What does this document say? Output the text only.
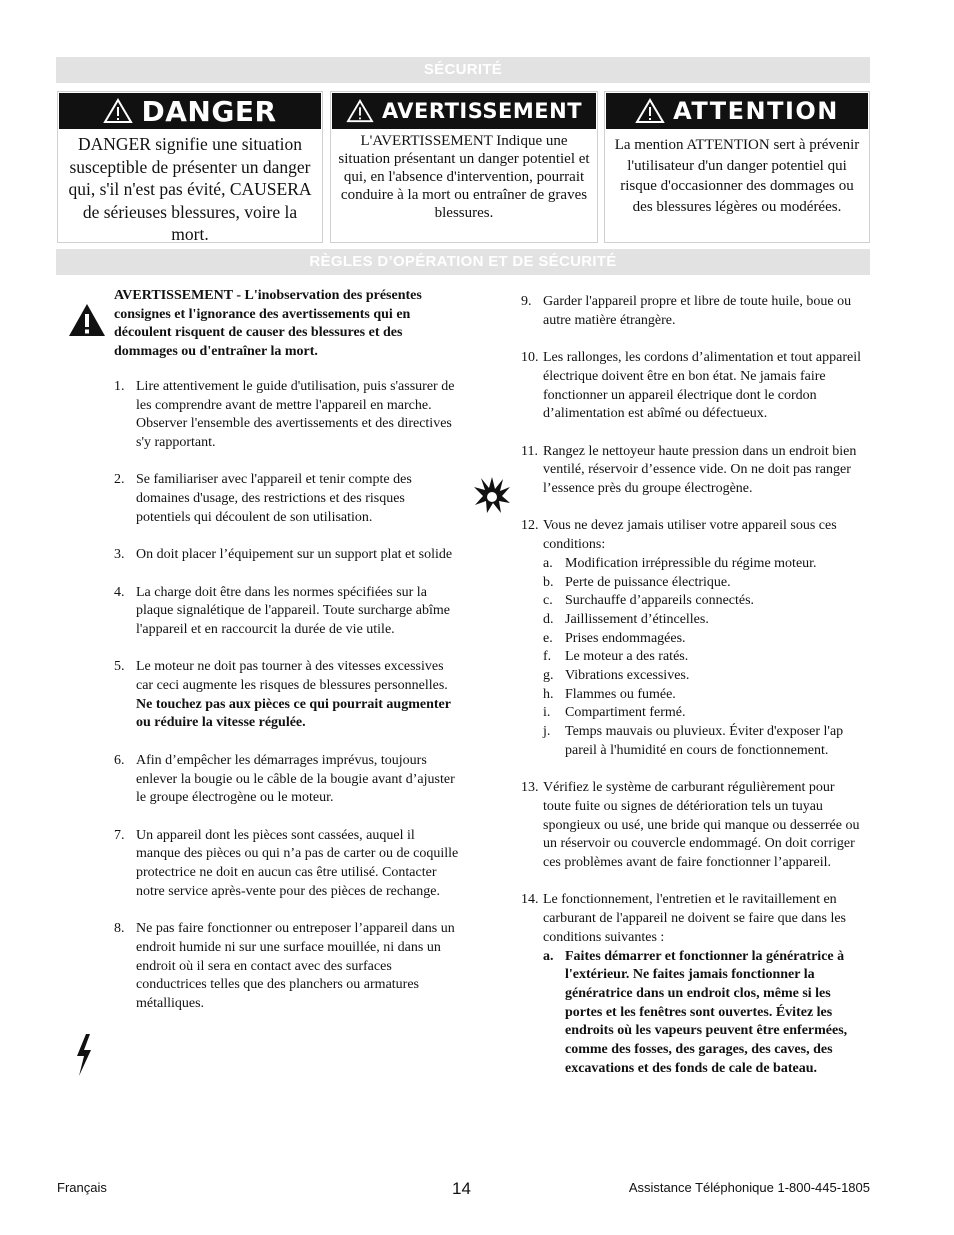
SÉCURITÉ
DANGER
DANGER signifie une situation susceptible de présenter un danger qui, s'il n'est pas évité, CAUSERA de sérieuses blessures, voire la mort.
AVERTISSEMENT
L'AVERTISSEMENT Indique une situation présentant un danger potentiel et qui, en l'absence d'intervention, pourrait conduire à la mort ou entraîner de graves blessures.
ATTENTION
La mention ATTENTION sert à prévenir l'utilisateur d'un danger potentiel qui risque d'occasionner des dommages ou des blessures légères ou modérées.
RÈGLES D’OPÉRATION ET DE SÉCURITÉ
AVERTISSEMENT - L'inobservation des présentes consignes et l'ignorance des avertissements qui en découlent risquent de causer des blessures et des dommages ou d'entraîner la mort.
1. Lire attentivement le guide d'utilisation, puis s'assurer de les comprendre avant de mettre l'appareil en marche. Observer l'ensemble des avertissements et des directives s'y rapportant.
2. Se familiariser avec l'appareil et tenir compte des domaines d'usage, des restrictions et des risques potentiels qui découlent de son utilisation.
3. On doit placer l’équipement sur un support plat et solide
4. La charge doit être dans les normes spécifiées sur la plaque signalétique de l'appareil. Toute surcharge abîme l'appareil et en raccourcit la durée de vie utile.
5. Le moteur ne doit pas tourner à des vitesses excessives car ceci augmente les risques de blessures personnelles.
Ne touchez pas aux pièces ce qui pourrait augmenter ou réduire la vitesse régulée.
6. Afin d’empêcher les démarrages imprévus, toujours enlever la bougie ou le câble de la bougie avant d’ajuster le groupe électrogène ou le moteur.
7. Un appareil dont les pièces sont cassées, auquel il manque des pièces ou qui n’a pas de carter ou de coquille protectrice ne doit en aucun cas être utilisé. Contacter notre service après-vente pour des pièces de rechange.
8. Ne pas faire fonctionner ou entreposer l’appareil dans un endroit humide ni sur une surface mouillée, ni dans un endroit où il sera en contact avec des surfaces conductrices telles que des planchers ou armatures métalliques.
9. Garder l'appareil propre et libre de toute huile, boue ou autre matière étrangère.
10. Les rallonges, les cordons d’alimentation et tout appareil électrique doivent être en bon état. Ne jamais faire fonctionner un appareil électrique dont le cordon d’alimentation est abîmé ou défectueux.
11. Rangez le nettoyeur haute pression dans un endroit bien ventilé, réservoir d’essence vide. On ne doit pas ranger l’essence près du groupe électrogène.
12. Vous ne devez jamais utiliser votre appareil sous ces conditions:
a. Modification irrépressible du régime moteur.
b. Perte de puissance électrique.
c. Surchauffe d’appareils connectés.
d. Jaillissement d’étincelles.
e. Prises endommagées.
f. Le moteur a des ratés.
g. Vibrations excessives.
h. Flammes ou fumée.
i.	Compartiment fermé.
j.	Temps mauvais ou pluvieux. Éviter d'exposer l'ap pareil à l'humidité en cours de fonctionnement.
13. Vérifiez le système de carburant régulièrement pour toute fuite ou signes de détérioration tels un tuyau spongieux ou usé, une bride qui manque ou desserrée ou un réservoir ou couvercle endommagé. On doit corriger ces problèmes avant de faire fonctionner l’appareil.
14. Le fonctionnement, l'entretien et le ravitaillement en carburant de l'appareil ne doivent se faire que dans les conditions suivantes :
a. Faites démarrer et fonctionner la génératrice à l'extérieur. Ne faites jamais fonctionner la génératrice dans un endroit clos, même si les portes et les fenêtres sont ouvertes. Évitez les endroits où les vapeurs peuvent être enfermées, comme des fosses, des garages, des caves, des excavations et des fonds de cale de bateau.
Français	14	Assistance Téléphonique 1-800-445-1805
